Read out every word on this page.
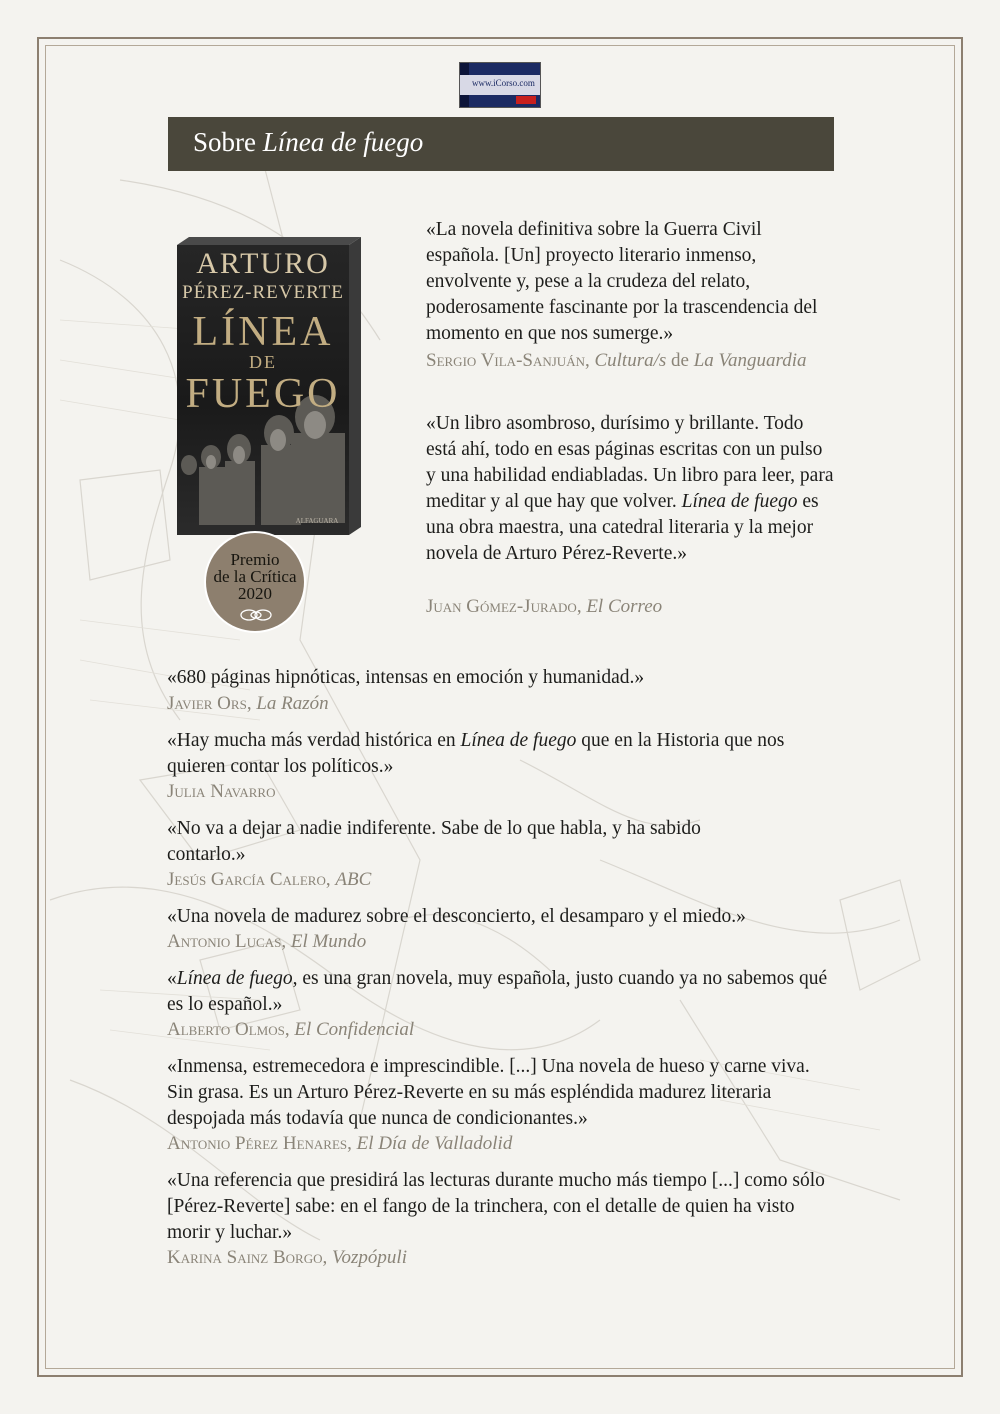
www.iCorso.com
Sobre Línea de fuego
ARTURO
PÉREZ-REVERTE
LÍNEA
DE
FUEGO
ALFAGUARA
Premio
de la Crítica
2020

«La novela definitiva sobre la Guerra Civil española. [Un] proyecto literario inmenso, envolvente y, pese a la crudeza del relato, poderosamente fascinante por la trascendencia del momento en que nos sumerge.»

Sergio Vila-Sanjuán, Cultura/s de La Vanguardia

«Un libro asombroso, durísimo y brillante. Todo está ahí, todo en esas páginas escritas con un pulso y una habilidad endiabladas. Un libro para leer, para meditar y al que hay que volver. Línea de fuego es una obra maestra, una catedral literaria y la mejor novela de Arturo Pérez-Reverte.»

Juan Gómez-Jurado, El Correo

«680 páginas hipnóticas, intensas en emoción y humanidad.»

Javier Ors, La Razón

«Hay mucha más verdad histórica en Línea de fuego que en la Historia que nos quieren contar los políticos.»

Julia Navarro

«No va a dejar a nadie indiferente. Sabe de lo que habla, y ha sabido contarlo.»

Jesús García Calero, ABC

«Una novela de madurez sobre el desconcierto, el desamparo y el miedo.»

Antonio Lucas, El Mundo

«Línea de fuego, es una gran novela, muy española, justo cuando ya no sabemos qué es lo español.»

Alberto Olmos, El Confidencial

«Inmensa, estremecedora e imprescindible. [...] Una novela de hueso y carne viva. Sin grasa. Es un Arturo Pérez-Reverte en su más espléndida madurez literaria despojada más todavía que nunca de condicionantes.»

Antonio Pérez Henares, El Día de Valladolid

«Una referencia que presidirá las lecturas durante mucho más tiempo [...] como sólo [Pérez-Reverte] sabe: en el fango de la trinchera, con el detalle de quien ha visto morir y luchar.»

Karina Sainz Borgo, Vozpópuli
